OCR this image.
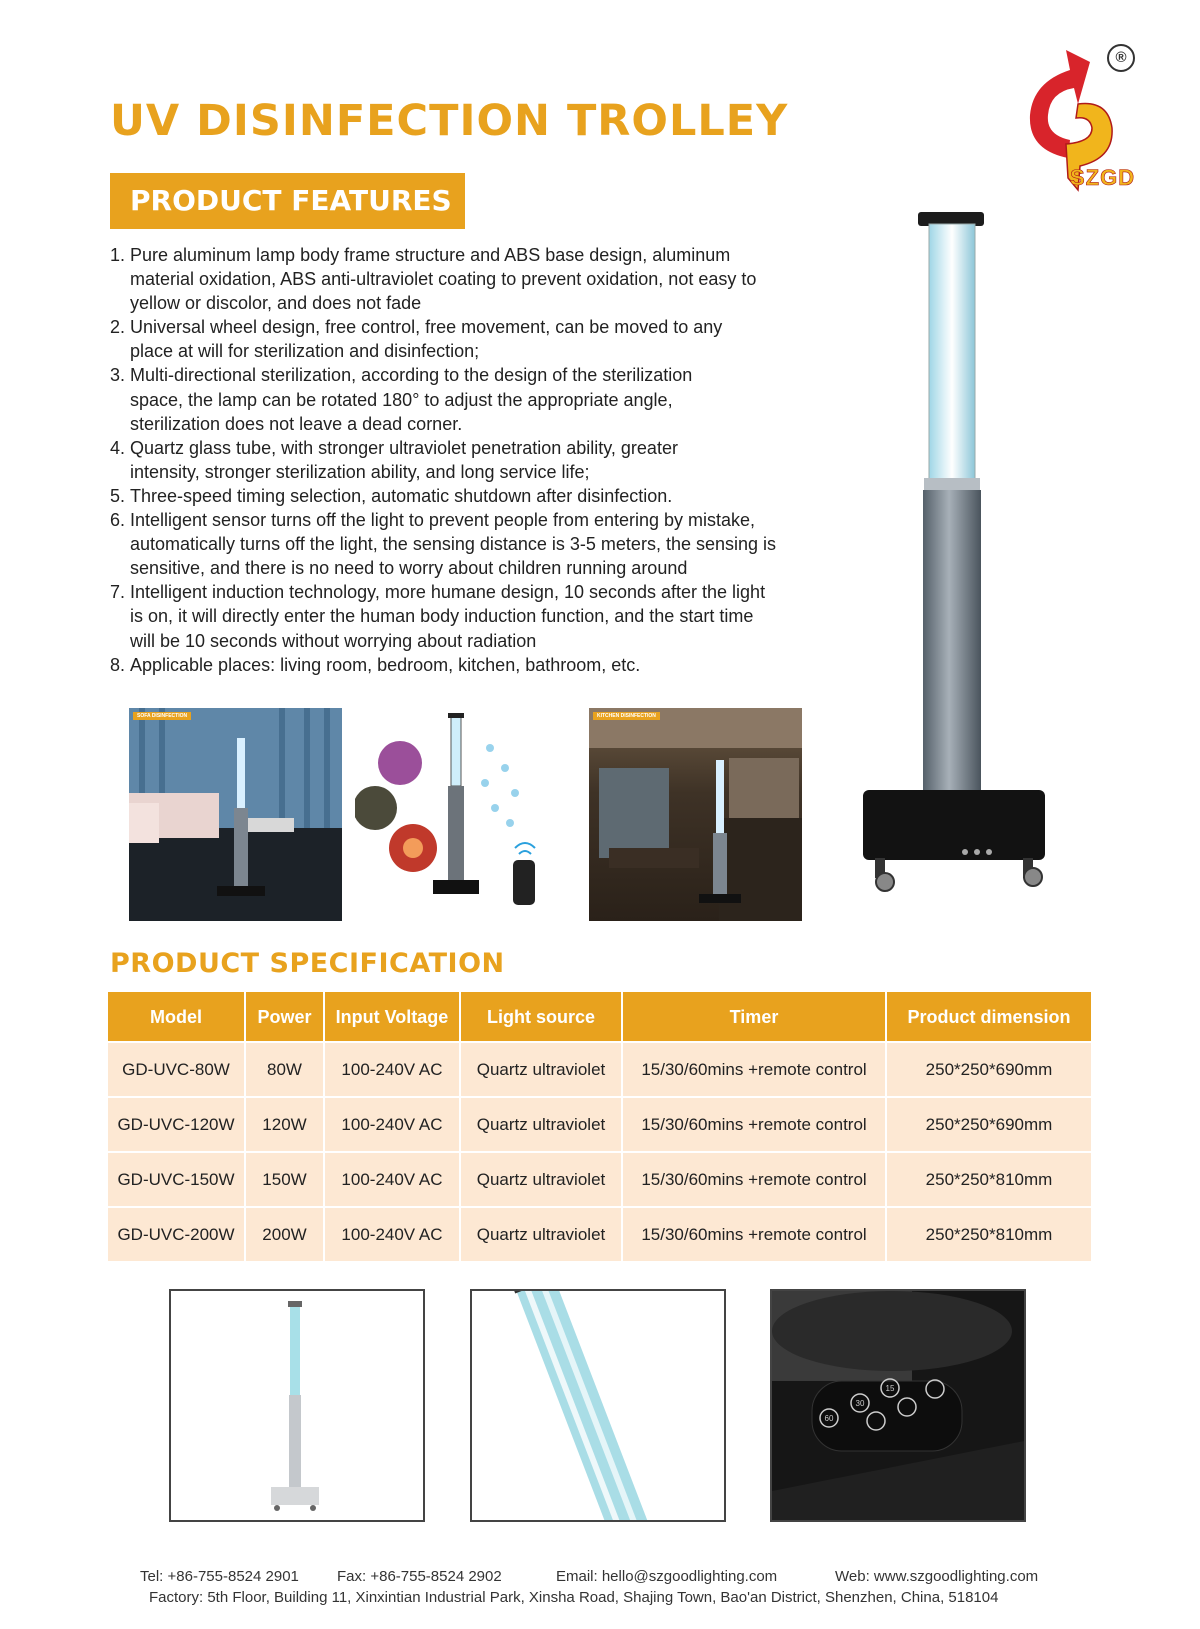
®
SZGD
UV DISINFECTION TROLLEY
PRODUCT FEATURES
1. Pure aluminum lamp body frame structure and ABS base design, aluminum material oxidation, ABS anti-ultraviolet coating to prevent oxidation, not easy to yellow or discolor, and does not fade
2. Universal wheel design, free control, free movement, can be moved to any place at will for sterilization and disinfection;
3. Multi-directional sterilization, according to the design of the sterilization space, the lamp can be rotated 180° to adjust the appropriate angle, sterilization does not leave a dead corner.
4. Quartz glass tube, with stronger ultraviolet penetration ability, greater intensity, stronger sterilization ability, and long service life;
5. Three-speed timing selection, automatic shutdown after disinfection.
6. Intelligent sensor turns off the light to prevent people from entering by mistake, automatically turns off the light, the sensing distance is 3-5 meters, the sensing is sensitive, and there is no need to worry about children running around
7. Intelligent induction technology, more humane design, 10 seconds after the light is on, it will directly enter the human body induction function, and the start time will be 10 seconds without worrying about radiation
8. Applicable places: living room, bedroom, kitchen, bathroom, etc.
SOFA DISINFECTION	KITCHEN DISINFECTION
PRODUCT SPECIFICATION
Model	Power	Input Voltage	Light source	Timer	Product dimension
GD-UVC-80W	80W	100-240V AC	Quartz ultraviolet	15/30/60mins +remote control	250*250*690mm
GD-UVC-120W	120W	100-240V AC	Quartz ultraviolet	15/30/60mins +remote control	250*250*690mm
GD-UVC-150W	150W	100-240V AC	Quartz ultraviolet	15/30/60mins +remote control	250*250*810mm
GD-UVC-200W	200W	100-240V AC	Quartz ultraviolet	15/30/60mins +remote control	250*250*810mm
60
30
15
Tel: +86-755-8524 2901	Fax: +86-755-8524 2902	Email: hello@szgoodlighting.com	Web: www.szgoodlighting.com
Factory: 5th Floor, Building 11, Xinxintian Industrial Park, Xinsha Road, Shajing Town, Bao'an District, Shenzhen, China, 518104
